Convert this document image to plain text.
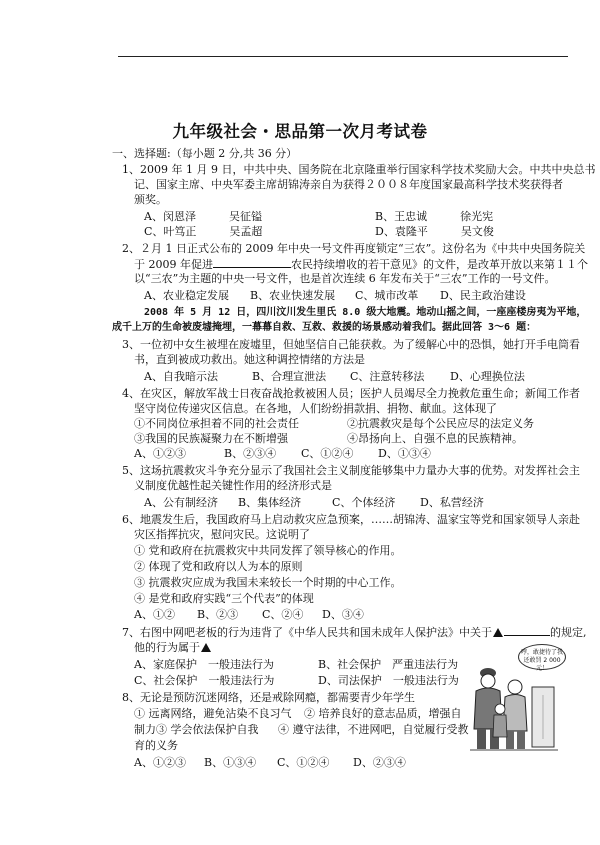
九年级社会・思品第一次月考试卷
一、选择题:（每小题 2 分,共 36 分）
1、2009 年 1 月 9 日，中共中央、国务院在北京隆重举行国家科学技术奖励大会。中共中央总书
记、国家主席、中央军委主席胡锦涛亲自为获得２００８年度国家最高科学技术奖获得者
颁奖。
A、闵恩泽　　　吴征镒	B、王忠诚　　　徐光宪
C、叶笃正　　　吴孟超	D、袁隆平　　　吴文俊
2、２月 1 日正式公布的 2009 年中央一号文件再度锁定“三农”。这份名为《中共中央国务院关
于 2009 年促进	农民持续增收的若干意见》的文件，是改革开放以来第１１个
以“三农”为主题的中央一号文件，也是首次连续 6 年发布关于“三农”工作的一号文件。
A、农业稳定发展 B、农业快速发展 C、城市改革 D、民主政治建设
2008 年 5 月 12 日，四川汶川发生里氏 8.0 级大地震。地动山摇之间，一座座楼房夷为平地，
成千上万的生命被废墟掩埋，一幕幕自救、互救、救援的场景感动着我们。据此回答 3～6 题：
3、一位初中女生被埋在废墟里，但她坚信自己能获救。为了缓解心中的恐惧，她打开手电筒看
书，直到被成功救出。她这种调控情绪的方法是
A、自我暗示法	B、合理宣泄法 C、注意转移法 D、心理换位法
4、在灾区，解放军战士日夜奋战抢救被困人员；医护人员竭尽全力挽救危重生命；新闻工作者
坚守岗位传递灾区信息。在各地，人们纷纷捐款捐、捐物、献血。这体现了
①不同岗位承担着不同的社会责任	②抗震救灾是每个公民应尽的法定义务
③我国的民族凝聚力在不断增强	④昂扬向上、自强不息的民族精神。
A、①②③	B、②③④ C、①②④ D、①③④
5、这场抗震救灾斗争充分显示了我国社会主义制度能够集中力量办大事的优势。对发挥社会主
义制度优越性起关键性作用的经济形式是
A、公有制经济 B、集体经济	C、个体经济 D、私营经济
6、地震发生后，我国政府马上启动救灾应急预案，……胡锦涛、温家宝等党和国家领导人亲赴
灾区指挥抗灾，慰问灾民。这说明了
① 党和政府在抗震救灾中共同发挥了领导核心的作用。
② 体现了党和政府以人为本的原则
③ 抗震救灾应成为我国未来较长一个时期的中心工作。
④ 是党和政府实践“三个代表”的体现
A、①② B、②③ C、②④ D、③④
7、右图中网吧老板的行为违背了《中华人民共和国未成年人保护法》中关于	的规定,
他的行为属于
A、家庭保护　一般违法行为	B、社会保护　严重违法行为
C、社会保护　一般违法行为	D、司法保护　一般违法行为
8、无论是预防沉迷网络，还是戒除网瘾，都需要青少年学生
① 远离网络，避免沾染不良习气 ② 培养良好的意志品质，增强自
制力③ 学会依法保护自我 ④ 遵守法律，不进网吧，自觉履行受教
育的义务
A、①②③ B、①③④ C、①②④ D、②③④
哼，敢捷待了我 还敢罚 2 000 元！
